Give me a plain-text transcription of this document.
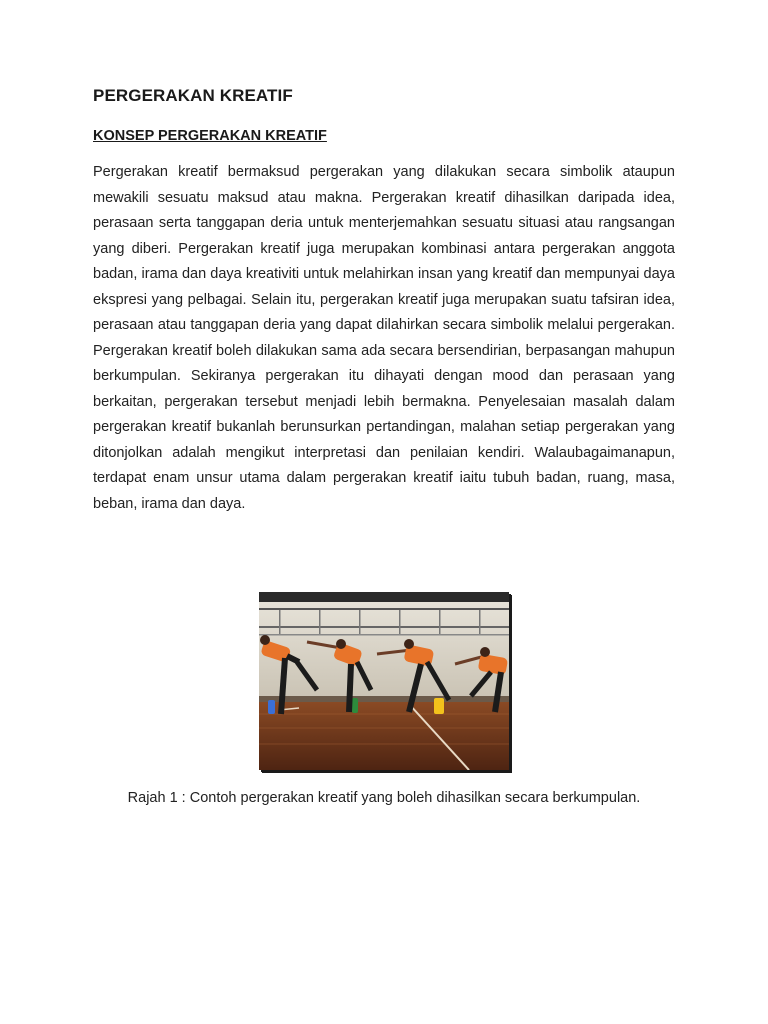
PERGERAKAN KREATIF
KONSEP PERGERAKAN KREATIF

Pergerakan kreatif bermaksud pergerakan yang dilakukan secara simbolik ataupun mewakili sesuatu maksud atau makna. Pergerakan kreatif dihasilkan daripada idea, perasaan serta tanggapan deria untuk menterjemahkan sesuatu situasi atau rangsangan yang diberi. Pergerakan kreatif juga merupakan kombinasi antara pergerakan anggota badan, irama dan daya kreativiti untuk melahirkan insan yang kreatif dan mempunyai daya ekspresi yang pelbagai. Selain itu, pergerakan kreatif juga merupakan suatu tafsiran idea, perasaan atau tanggapan deria yang dapat dilahirkan secara simbolik melalui pergerakan. Pergerakan kreatif boleh dilakukan sama ada secara bersendirian, berpasangan mahupun berkumpulan. Sekiranya pergerakan itu dihayati dengan mood dan perasaan yang berkaitan, pergerakan tersebut menjadi lebih bermakna. Penyelesaian masalah dalam pergerakan kreatif bukanlah berunsurkan pertandingan, malahan setiap pergerakan yang ditonjolkan adalah mengikut interpretasi dan penilaian kendiri. Walaubagaimanapun, terdapat enam unsur utama dalam pergerakan kreatif iaitu tubuh badan, ruang, masa, beban, irama dan daya.

Rajah 1 : Contoh pergerakan kreatif yang boleh dihasilkan secara berkumpulan.
